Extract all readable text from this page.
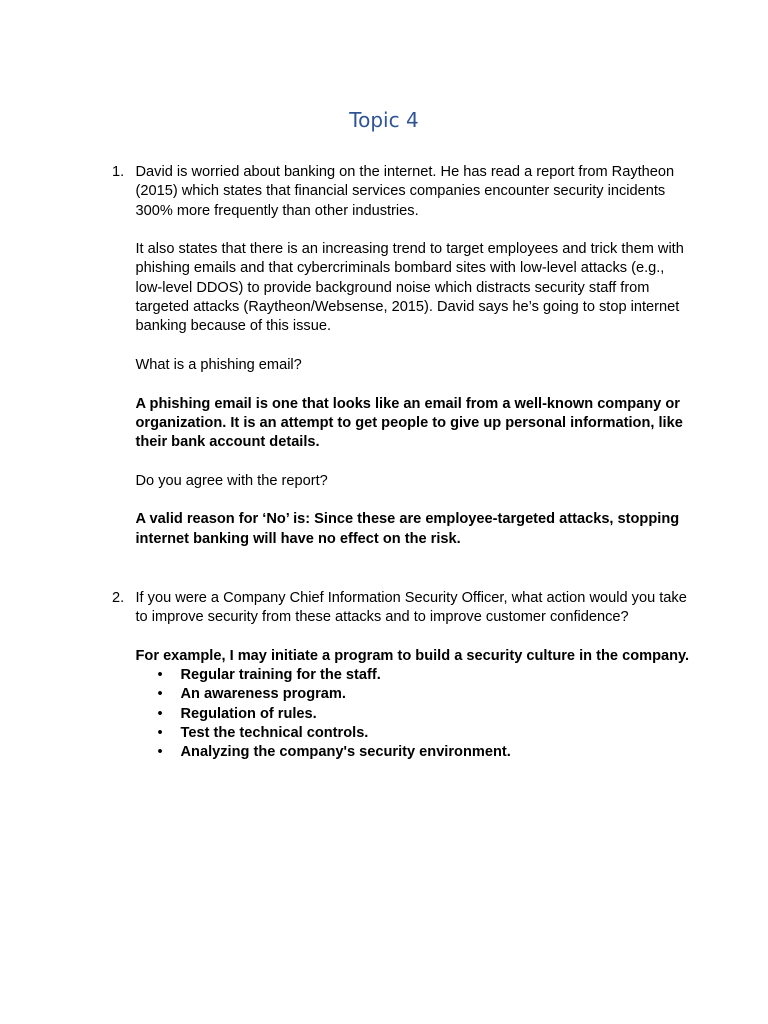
Topic 4
1. David is worried about banking on the internet. He has read a report from Raytheon (2015) which states that financial services companies encounter security incidents 300% more frequently than other industries.

It also states that there is an increasing trend to target employees and trick them with phishing emails and that cybercriminals bombard sites with low-level attacks (e.g., low-level DDOS) to provide background noise which distracts security staff from targeted attacks (Raytheon/Websense, 2015). David says he’s going to stop internet banking because of this issue.

What is a phishing email?

A phishing email is one that looks like an email from a well-known company or organization. It is an attempt to get people to give up personal information, like their bank account details.

Do you agree with the report?

A valid reason for ‘No’ is: Since these are employee-targeted attacks, stopping internet banking will have no effect on the risk.

2. If you were a Company Chief Information Security Officer, what action would you take to improve security from these attacks and to improve customer confidence?

For example, I may initiate a program to build a security culture in the company.

• Regular training for the staff.
• An awareness program.
• Regulation of rules.
• Test the technical controls.
• Analyzing the company's security environment.
